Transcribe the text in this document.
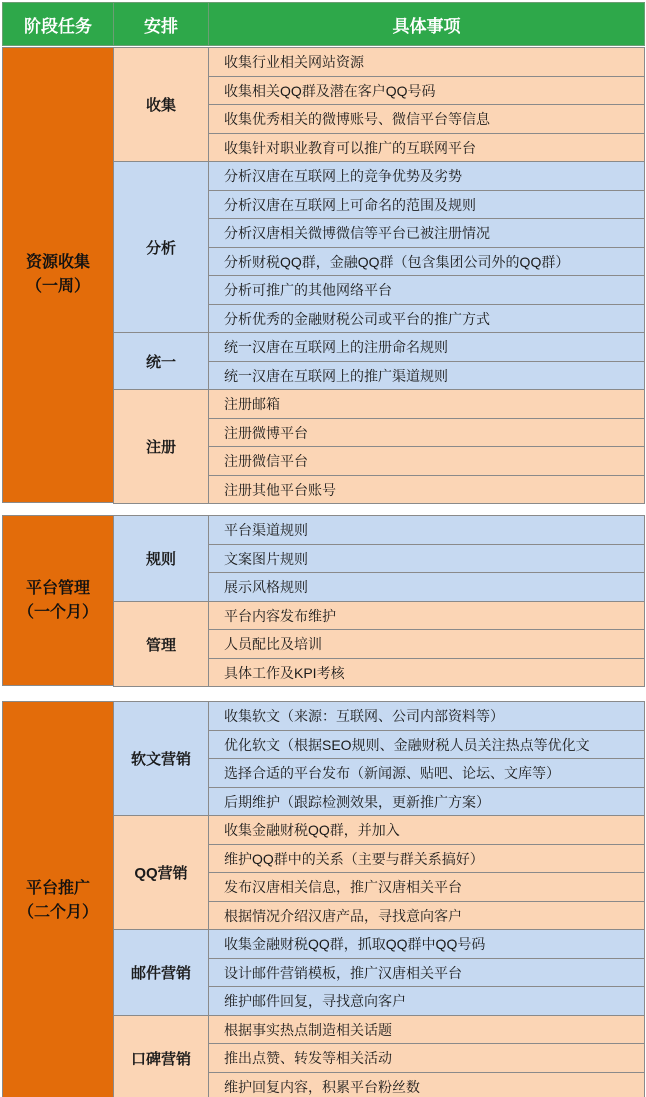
阶段任务	安排	具体事项
资源收集
（一周）
收集
收集行业相关网站资源
收集相关QQ群及潜在客户QQ号码
收集优秀相关的微博账号、微信平台等信息
收集针对职业教育可以推广的互联网平台
分析
分析汉唐在互联网上的竞争优势及劣势
分析汉唐在互联网上可命名的范围及规则
分析汉唐相关微博微信等平台已被注册情况
分析财税QQ群，金融QQ群（包含集团公司外的QQ群）
分析可推广的其他网络平台
分析优秀的金融财税公司或平台的推广方式
统一
统一汉唐在互联网上的注册命名规则
统一汉唐在互联网上的推广渠道规则
注册
注册邮箱
注册微博平台
注册微信平台
注册其他平台账号
平台管理
（一个月）
规则
平台渠道规则
文案图片规则
展示风格规则
管理
平台内容发布维护
人员配比及培训
具体工作及KPI考核
平台推广
（二个月）
软文营销
收集软文（来源：互联网、公司内部资料等）
优化软文（根据SEO规则、金融财税人员关注热点等优化文
选择合适的平台发布（新闻源、贴吧、论坛、文库等）
后期维护（跟踪检测效果，更新推广方案）
QQ营销
收集金融财税QQ群，并加入
维护QQ群中的关系（主要与群关系搞好）
发布汉唐相关信息，推广汉唐相关平台
根据情况介绍汉唐产品，寻找意向客户
邮件营销
收集金融财税QQ群，抓取QQ群中QQ号码
设计邮件营销模板，推广汉唐相关平台
维护邮件回复，寻找意向客户
口碑营销
根据事实热点制造相关话题
推出点赞、转发等相关活动
维护回复内容，积累平台粉丝数
